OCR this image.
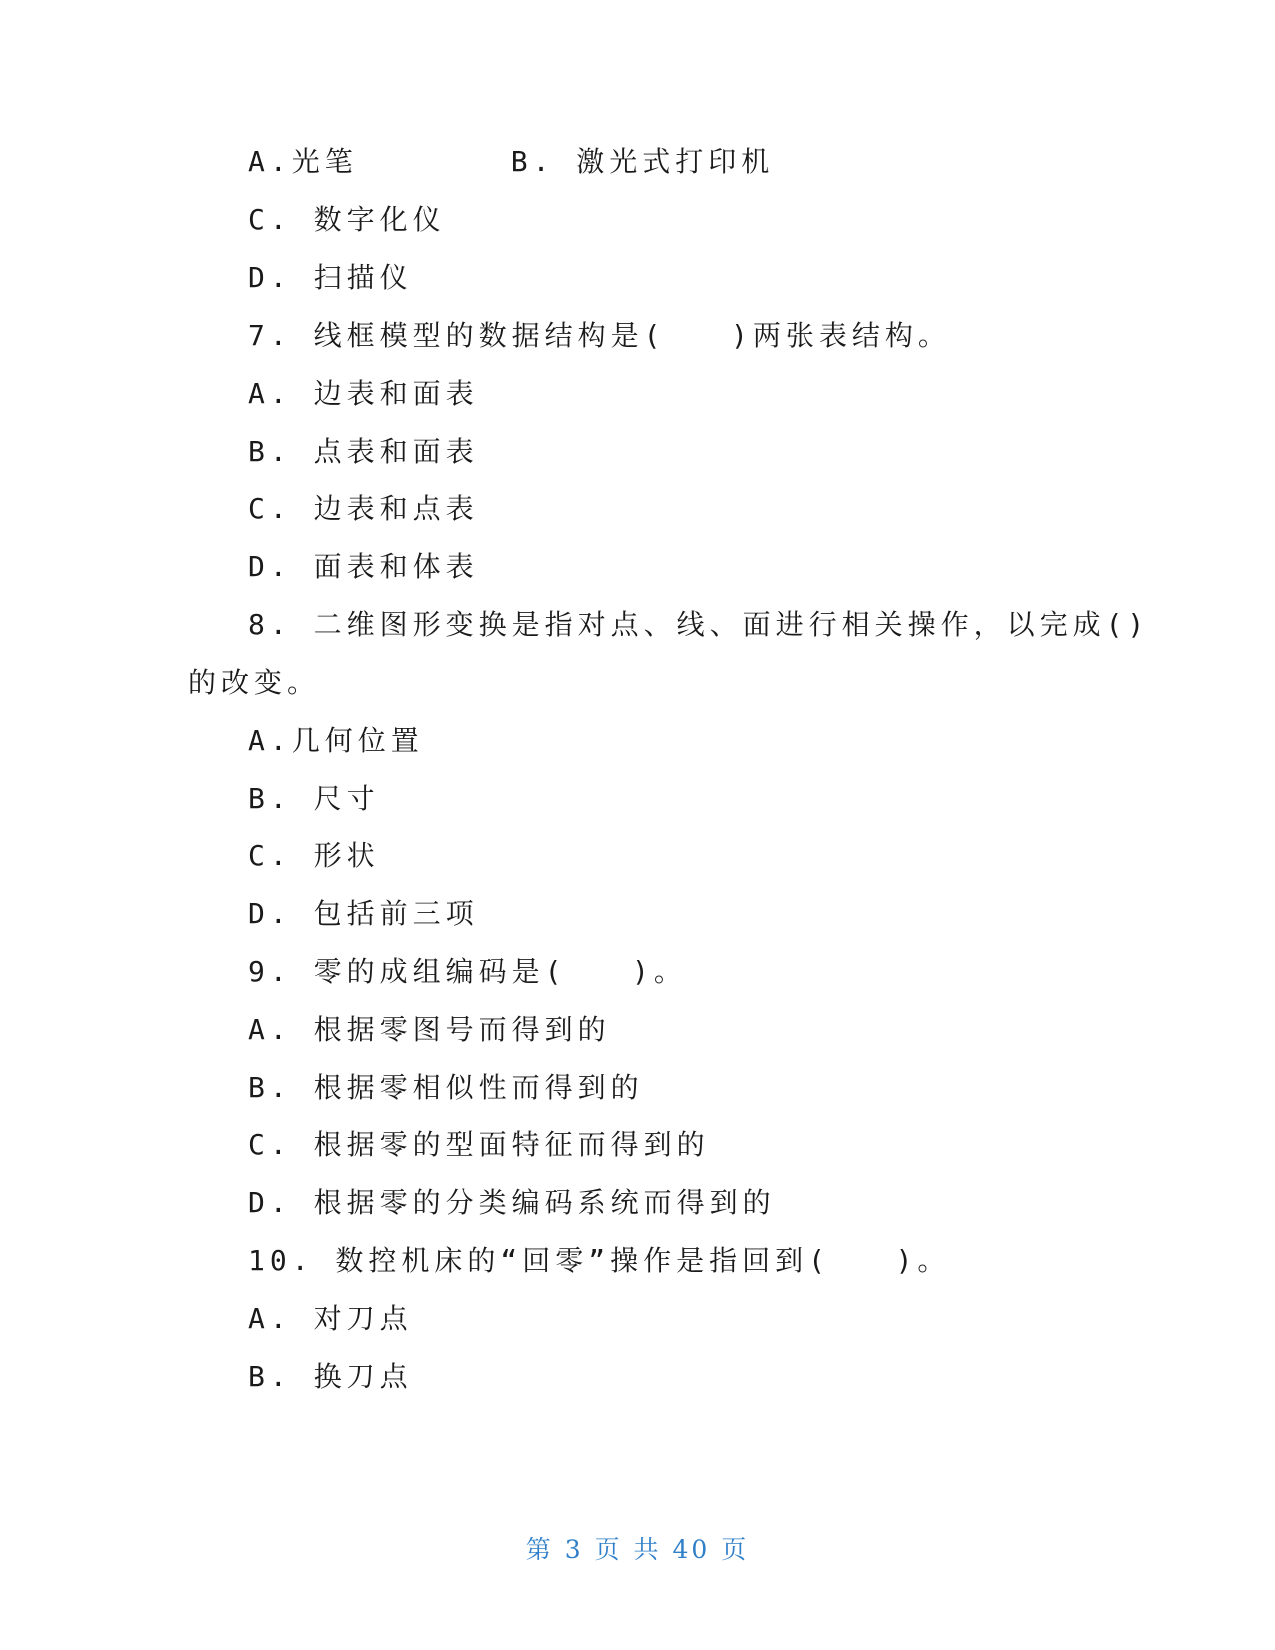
A.光笔       B. 激光式打印机
C. 数字化仪
D. 扫描仪
7. 线框模型的数据结构是(   )两张表结构。
A. 边表和面表
B. 点表和面表
C. 边表和点表
D. 面表和体表
8. 二维图形变换是指对点、线、面进行相关操作，以完成()
的改变。
A.几何位置
B. 尺寸
C. 形状
D. 包括前三项
9. 零的成组编码是(   )。
A. 根据零图号而得到的
B. 根据零相似性而得到的
C. 根据零的型面特征而得到的
D. 根据零的分类编码系统而得到的
10. 数控机床的“回零”操作是指回到(   )。
A. 对刀点
B. 换刀点
第 3 页 共 40 页
